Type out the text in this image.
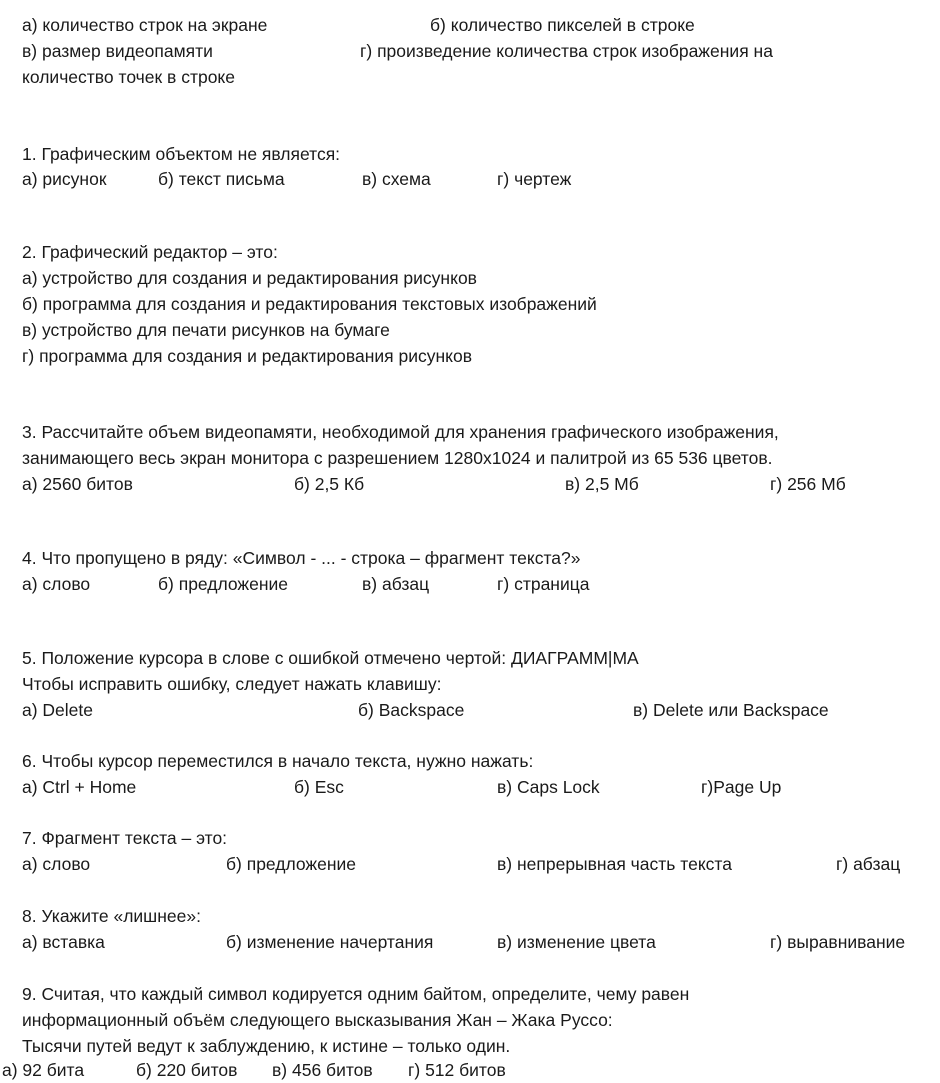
а) количество строк на экране	б) количество пикселей в строке
в) размер видеопамяти	г) произведение количества строк изображения на
количество точек в строке
1. Графическим объектом не является:
а) рисунок	б) текст письма	в) схема	г) чертеж
2. Графический редактор – это:
а) устройство для создания и редактирования рисунков
б) программа для создания и редактирования текстовых изображений
в) устройство для печати рисунков на бумаге
г) программа для создания и редактирования рисунков
3. Рассчитайте объем видеопамяти, необходимой для хранения графического изображения,
занимающего весь экран монитора с разрешением 1280x1024 и палитрой из 65 536 цветов.
а) 2560 битов	б) 2,5 Кб	в) 2,5 Мб	г) 256 Мб
4. Что пропущено в ряду: «Символ - ... - строка – фрагмент текста?»
а) слово	б) предложение	в) абзац	г) страница
5. Положение курсора в слове с ошибкой отмечено чертой: ДИАГРАММ|МА
Чтобы исправить ошибку, следует нажать клавишу:
а) Delete	б) Backspace	в) Delete или Backspace
6. Чтобы курсор переместился в начало текста, нужно нажать:
а) Ctrl + Home	б) Esc	в) Caps Lock	г)Page Up
7. Фрагмент текста – это:
а) слово	б) предложение	в) непрерывная часть текста	г) абзац
8. Укажите «лишнее»:
а) вставка	б) изменение начертания	в) изменение цвета	г) выравнивание
9. Считая, что каждый символ кодируется одним байтом, определите, чему равен
информационный объём следующего высказывания Жан – Жака Руссо:
Тысячи путей ведут к заблуждению, к истине – только один.
а) 92 бита	б) 220 битов в) 456 битов г) 512 битов
